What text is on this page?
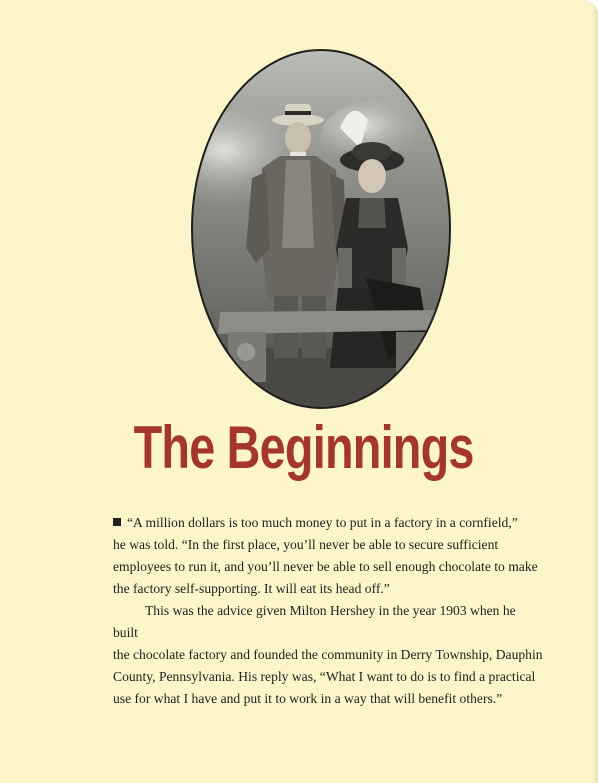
The Beginnings

“A million dollars is too much money to put in a factory in a cornfield,”
he was told. “In the first place, you’ll never be able to secure sufficient
employees to run it, and you’ll never be able to sell enough chocolate to make
the factory self-supporting. It will eat its head off.”

This was the advice given Milton Hershey in the year 1903 when he built
the chocolate factory and founded the community in Derry Township, Dauphin
County, Pennsylvania. His reply was, “What I want to do is to find a practical
use for what I have and put it to work in a way that will benefit others.”
